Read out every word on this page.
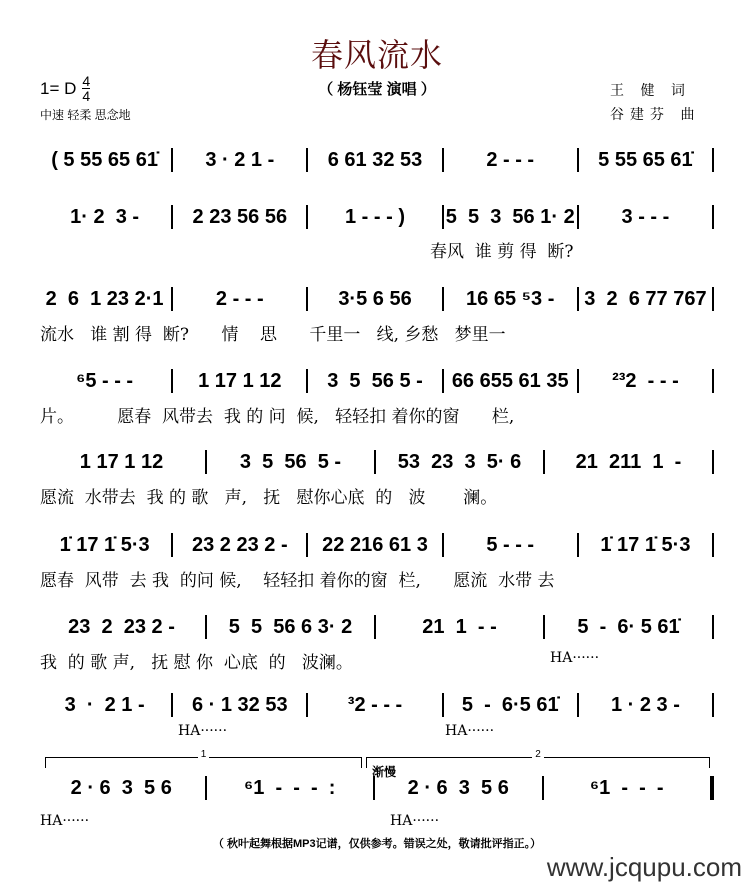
春风流水
1= D $\frac{4}{4}$
中速 轻柔 思念地
（ 杨钰莹 演唱 ）	王 健 词
谷建芬 曲
( 5 55 65 61̇	3 · 2 1 -	6 61 32 53	2 - - -	5 55 65 61̇
1· 2  3 -	2 23 56 56	1 - - - )	5  5  3  56 1· 2	3 - - -
2  6  1 23 2·1	2 - - -	3·5 6 56	16 65 ⁵3 -	3  2  6 77 767
⁶5 - - -	1 17 1 12	3  5  56 5 -	66 655 61 35	²³2  - - -
1 17 1 12	3  5  56  5 -	53  23  3  5· 6	21  211  1  -
1̇ 17 1̇ 5·3	23 2 23 2 -	22 216 61 3	5 - - -	1̇ 17 1̇ 5·3
23  2  23 2 -	5  5  56 6 3· 2	21  1  - -	5  -  6· 5 61̇
3  ·  2 1 -	6 · 1 32 53	³2 - - -	5  -  6·5 61̇	1 · 2 3 -
2 · 6  3  5 6	⁶1  -  -  -  :	2 · 6  3  5 6	⁶1  -  -  -
春风  谁 剪 得  断?
流水   谁 割 得  断?      情    思      千里一   线, 乡愁   梦里一
片。        愿春  风带去  我 的 问  候,   轻轻扣 着你的窗      栏,
愿流  水带去  我 的 歌   声,   抚   慰你心底  的   波       澜。
愿春  风带  去 我  的问 候,    轻轻扣 着你的窗  栏,      愿流  水带 去
我  的 歌 声,   抚 慰 你  心底  的   波澜。	HA······
HA······	HA······
HA······	HA······
1	2
渐慢
（ 秋叶起舞根据MP3记谱，仅供参考。错误之处，敬请批评指正。）
www.jcqupu.com
